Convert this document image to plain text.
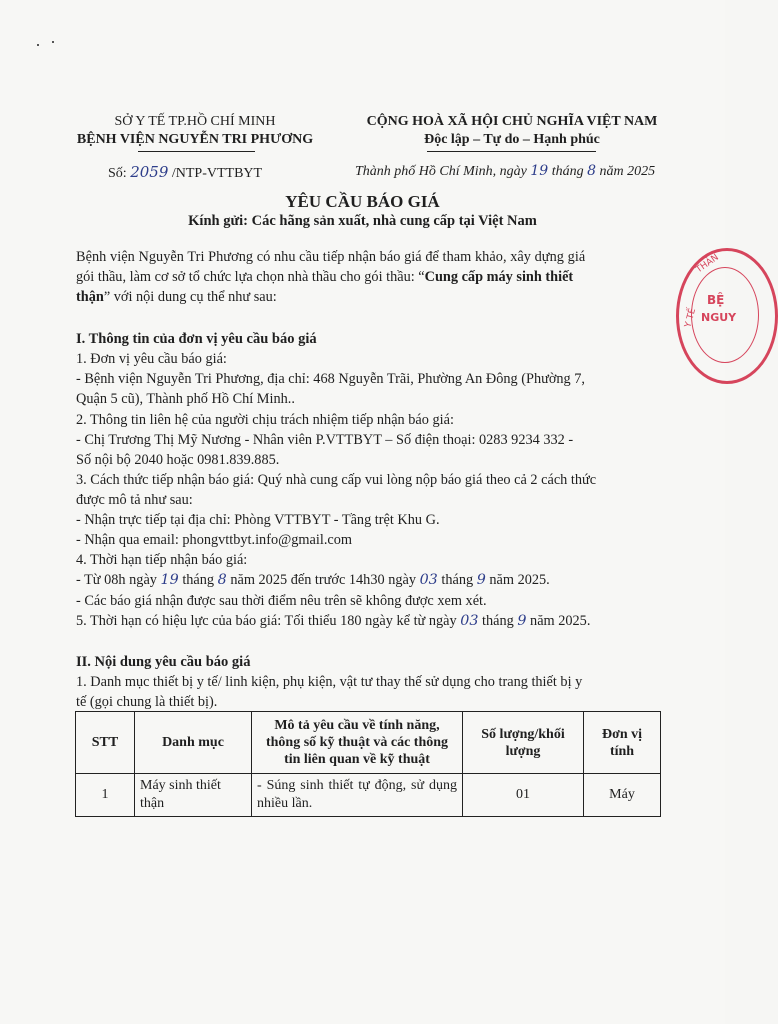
SỞ Y TẾ TP.HỒ CHÍ MINH
BỆNH VIỆN NGUYỄN TRI PHƯƠNG
CỘNG HOÀ XÃ HỘI CHỦ NGHĨA VIỆT NAM
Độc lập – Tự do – Hạnh phúc
Số: 2059 /NTP-VTTBYT	Thành phố Hồ Chí Minh, ngày 19 tháng 8 năm 2025
YÊU CẦU BÁO GIÁ
Kính gửi: Các hãng sản xuất, nhà cung cấp tại Việt Nam
Bệnh viện Nguyễn Tri Phương có nhu cầu tiếp nhận báo giá để tham khảo, xây dựng giá
gói thầu, làm cơ sở tổ chức lựa chọn nhà thầu cho gói thầu: “Cung cấp máy sinh thiết
thận” với nội dung cụ thể như sau:
I. Thông tin của đơn vị yêu cầu báo giá
1. Đơn vị yêu cầu báo giá:
- Bệnh viện Nguyễn Tri Phương, địa chỉ: 468 Nguyễn Trãi, Phường An Đông (Phường 7,
Quận 5 cũ), Thành phố Hồ Chí Minh..
2. Thông tin liên hệ của người chịu trách nhiệm tiếp nhận báo giá:
- Chị Trương Thị Mỹ Nương - Nhân viên P.VTTBYT – Số điện thoại: 0283 9234 332 -
Số nội bộ 2040 hoặc 0981.839.885.
3. Cách thức tiếp nhận báo giá: Quý nhà cung cấp vui lòng nộp báo giá theo cả 2 cách thức
được mô tả như sau:
- Nhận trực tiếp tại địa chỉ: Phòng VTTBYT - Tầng trệt Khu G.
- Nhận qua email: phongvttbyt.info@gmail.com
4. Thời hạn tiếp nhận báo giá:
- Từ 08h ngày 19 tháng 8 năm 2025 đến trước 14h30 ngày 03 tháng 9 năm 2025.
- Các báo giá nhận được sau thời điểm nêu trên sẽ không được xem xét.
5. Thời hạn có hiệu lực của báo giá: Tối thiểu 180 ngày kể từ ngày 03 tháng 9 năm 2025.
II. Nội dung yêu cầu báo giá
1. Danh mục thiết bị y tế/ linh kiện, phụ kiện, vật tư thay thế sử dụng cho trang thiết bị y
tế (gọi chung là thiết bị).
STT	Danh mục	Mô tả yêu cầu về tính năng, thông số kỹ thuật và các thông tin liên quan về kỹ thuật	Số lượng/khối lượng	Đơn vị tính
1	Máy sinh thiết thận	- Súng sinh thiết tự động, sử dụng nhiều lần.	01	Máy
THÀN
BỆ
NGUY
Y TẾ
